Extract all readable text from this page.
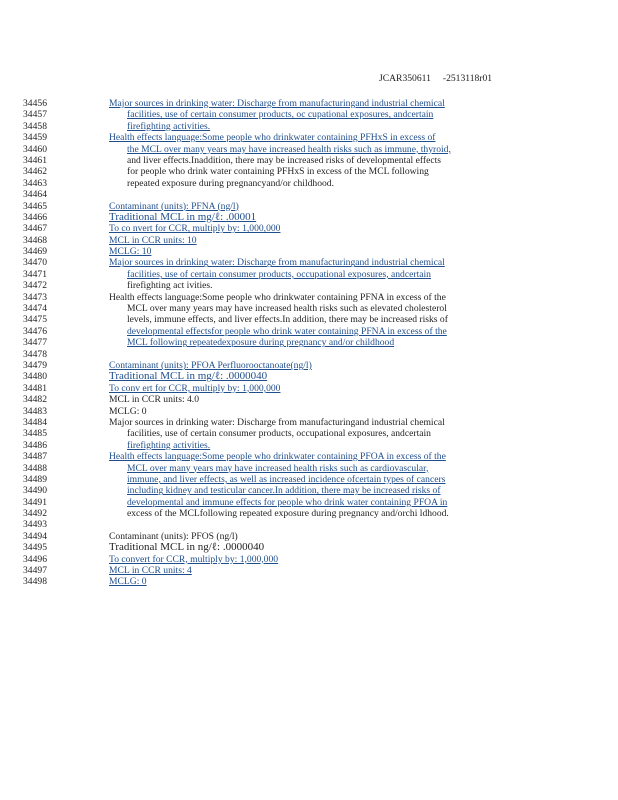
JCAR350611 -2513118r01
34456	Major sources in drinking water: Discharge from manufacturingand industrial chemical
34457	facilities, use of certain consumer products, oc cupational exposures, andcertain
34458	firefighting activities.
34459	Health effects language:Some people who drinkwater containing PFHxS in excess of
34460	the MCL over many years may have increased health risks such as immune, thyroid,
34461	and liver effects.Inaddition, there may be increased risks of developmental effects
34462	for people who drink water containing PFHxS in excess of the MCL following
34463	repeated exposure during pregnancyand/or childhood.
34464
34465	Contaminant (units): PFNA (ng/l)
34466	Traditional MCL in mg/ℓ: .00001
34467	To co nvert for CCR, multiply by: 1,000,000
34468	MCL in CCR units: 10
34469	MCLG: 10
34470	Major sources in drinking water: Discharge from manufacturingand industrial chemical
34471	facilities, use of certain consumer products, occupational exposures, andcertain
34472	firefighting act ivities.
34473	Health effects language:Some people who drinkwater containing PFNA in excess of the
34474	MCL over many years may have increased health risks such as elevated cholesterol
34475	levels, immune effects, and liver effects.In addition, there may be increased risks of
34476	developmental effectsfor people who drink water containing PFNA in excess of the
34477	MCL following repeatedexposure during pregnancy and/or childhood
34478
34479	Contaminant (units): PFOA Perfluorooctanoate(ng/l)
34480	Traditional MCL in mg/ℓ: .0000040
34481	To conv ert for CCR, multiply by: 1,000,000
34482	MCL in CCR units: 4.0
34483	MCLG: 0
34484	Major sources in drinking water: Discharge from manufacturingand industrial chemical
34485	facilities, use of certain consumer products, occupational exposures, andcertain
34486	firefighting activities.
34487	Health effects language:Some people who drinkwater containing PFOA in excess of the
34488	MCL over many years may have increased health risks such as cardiovascular,
34489	immune, and liver effects, as well as increased incidence ofcertain types of cancers
34490	including kidney and testicular cancer.In addition, there may be increased risks of
34491	developmental and immune effects for people who drink water containing PFOA in
34492	excess of the MCLfollowing repeated exposure during pregnancy and/orchi ldhood.
34493
34494	Contaminant (units): PFOS (ng/l)
34495	Traditional MCL in ng/ℓ: .0000040
34496	To convert for CCR, multiply by: 1,000,000
34497	MCL in CCR units: 4
34498	MCLG: 0
